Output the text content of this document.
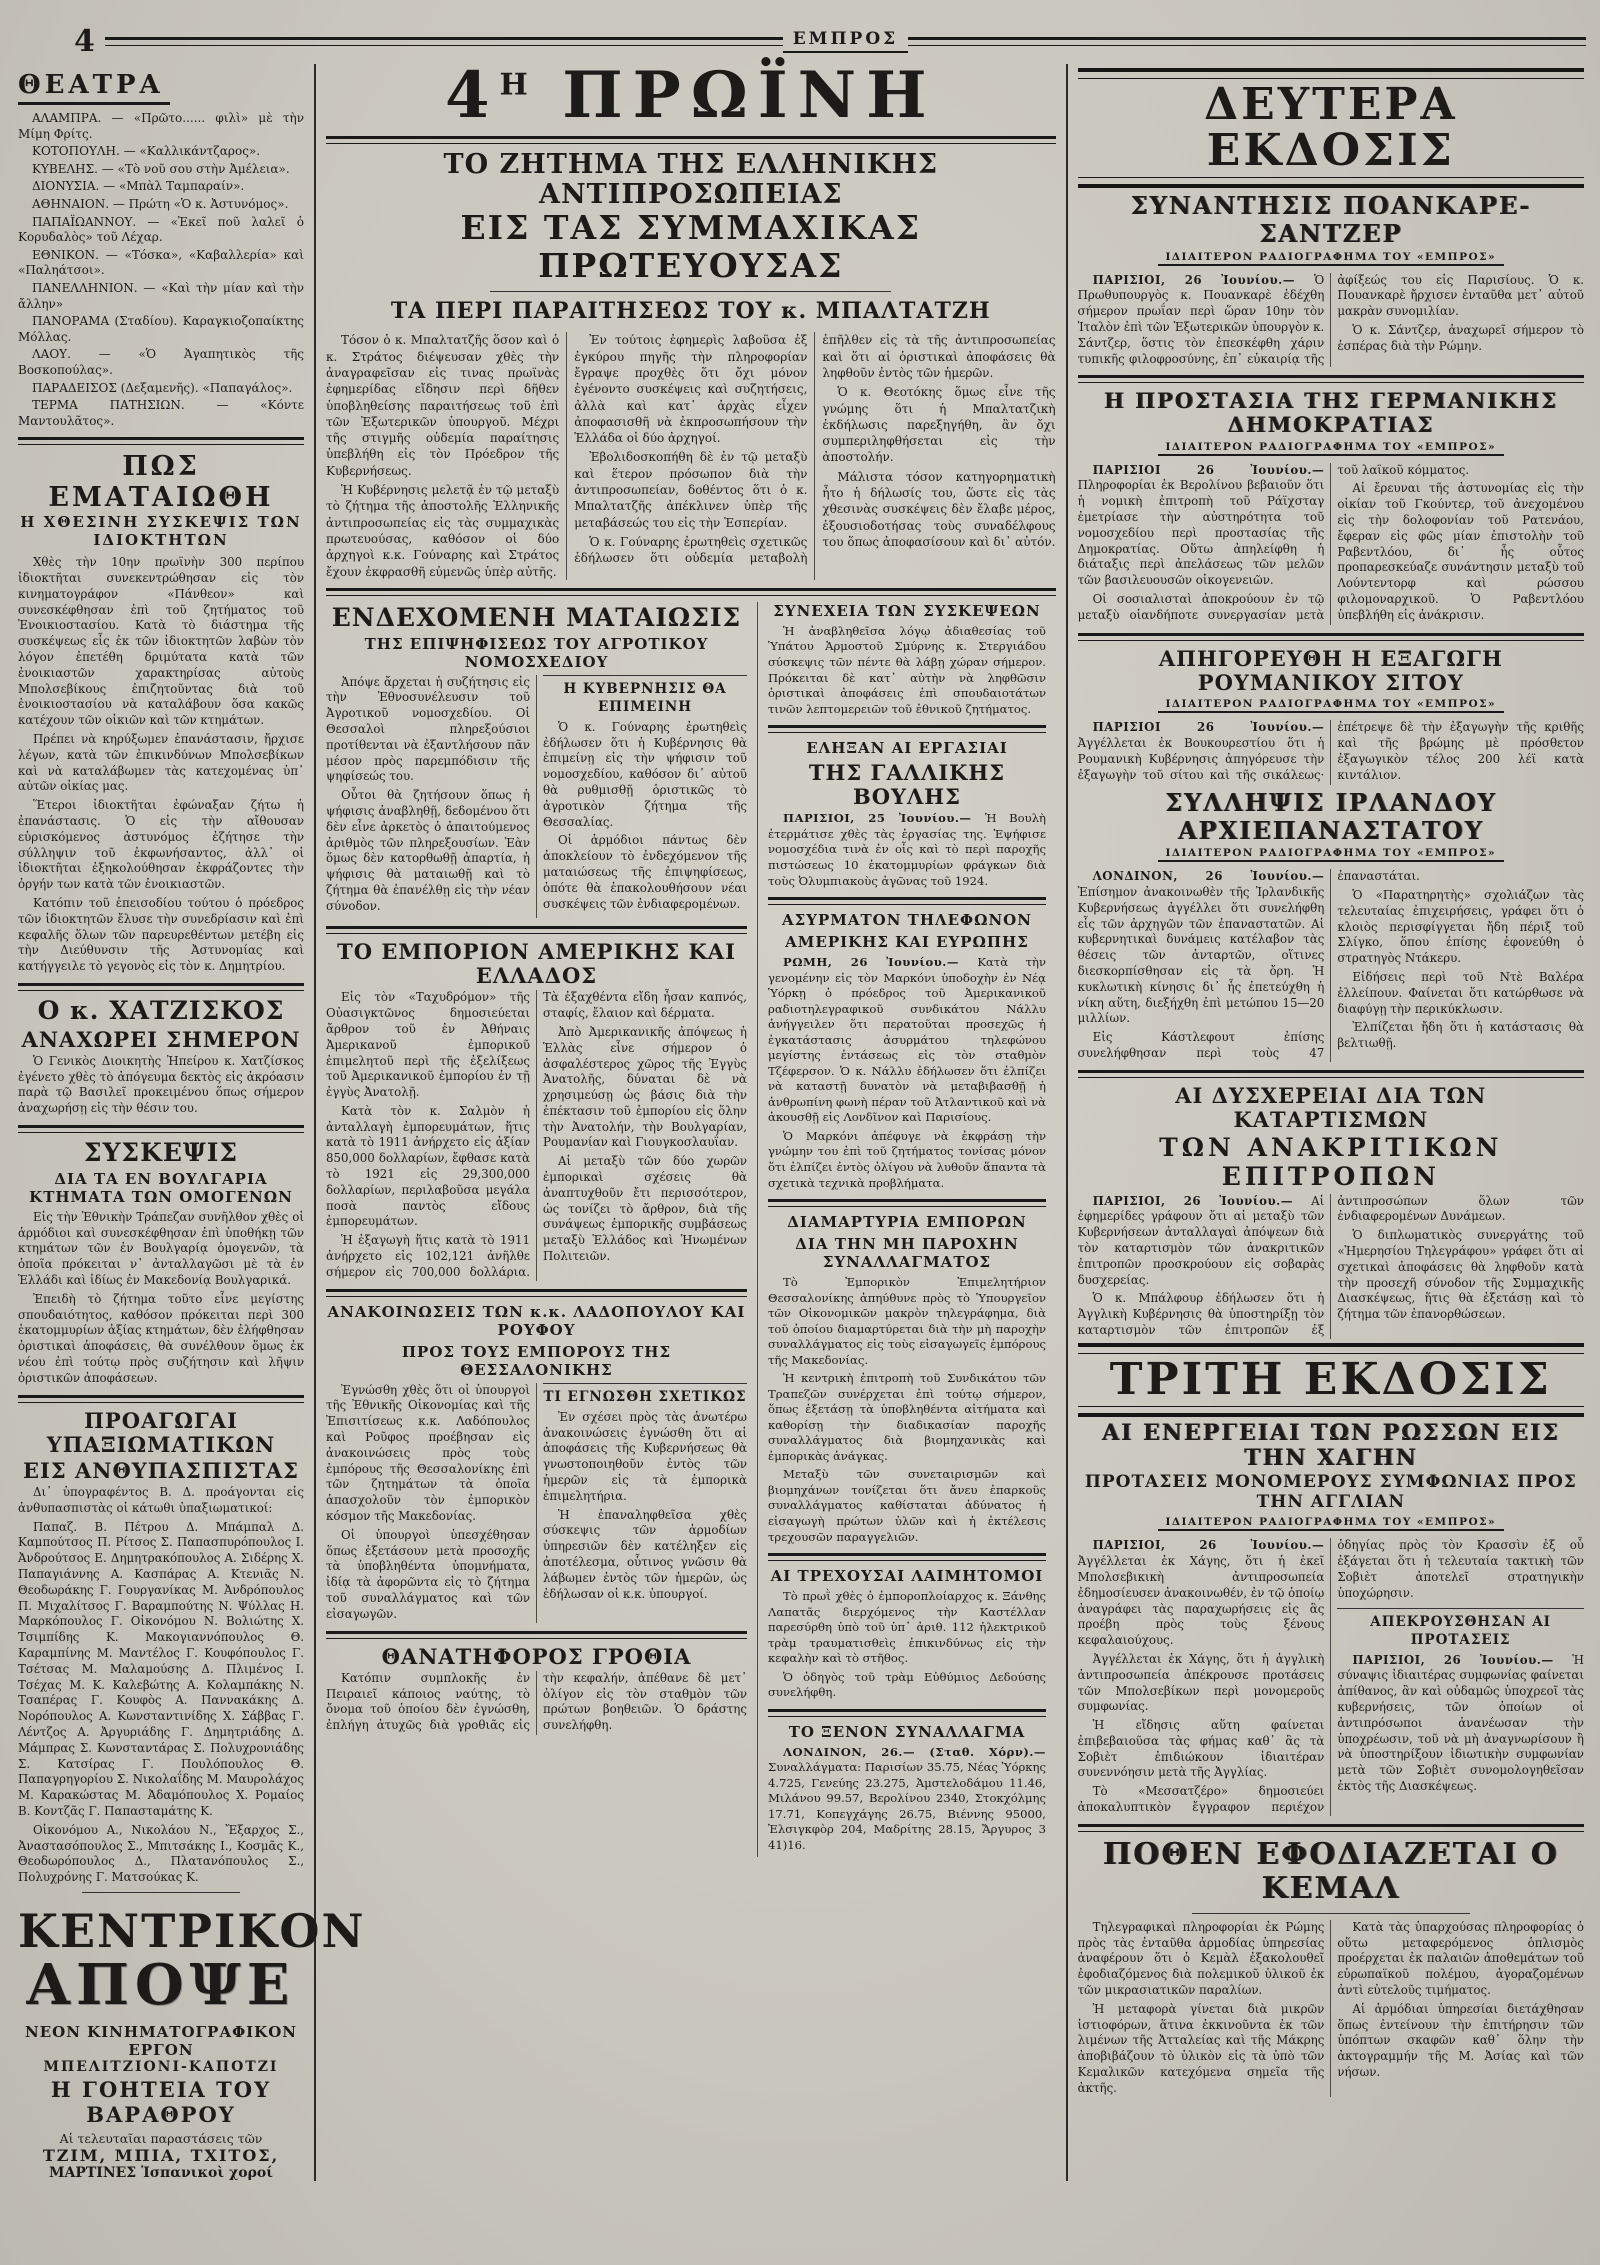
4	ΕΜΠΡΟΣ
ΘΕΑΤΡΑ

ΑΛΑΜΠΡΑ. — «Πρῶτο...... φιλὶ» μὲ τὴν Μίμη Φρίτς.

ΚΟΤΟΠΟΥΛΗ. — «Καλλικάντζαρος».

ΚΥΒΕΛΗΣ. — «Τὸ νοῦ σου στὴν Ἀμέλεια».

ΔΙΟΝΥΣΙΑ. — «Μπὰλ Ταμπαραίν».

ΑΘΗΝΑΙΟΝ. — Πρώτη «Ὁ κ. Ἀστυνόμος».

ΠΑΠΑΪΩΑΝΝΟΥ. — «Ἐκεῖ ποῦ λαλεῖ ὁ Κορυδαλὸς» τοῦ Λέχαρ.

ΕΘΝΙΚΟΝ. — «Τόσκα», «Καβαλλερία» καὶ «Παληάτσοι».

ΠΑΝΕΛΛΗΝΙΟΝ. — «Καὶ τὴν μίαν καὶ τὴν ἄλλην»

ΠΑΝΟΡΑΜΑ (Σταδίου). Καραγκιοζοπαίκτης Μόλλας.

ΛΑΟΥ. — «Ὁ Ἀγαπητικὸς τῆς Βοσκοπούλας».

ΠΑΡΑΔΕΙΣΟΣ (Δεξαμενῆς). «Παπαγάλος».

ΤΕΡΜΑ ΠΑΤΗΣΙΩΝ. — «Κόντε Μαντουλᾶτος».

ΠΩΣ ΕΜΑΤΑΙΩΘΗ
Η ΧΘΕΣΙΝΗ ΣΥΣΚΕΨΙΣ ΤΩΝ ΙΔΙΟΚΤΗΤΩΝ

Χθὲς τὴν 10ην πρωϊνὴν 300 περίπου ἰδιοκτῆται συνεκεντρώθησαν εἰς τὸν κινηματογράφον «Πάνθεον» καὶ συνεσκέφθησαν ἐπὶ τοῦ ζητήματος τοῦ Ἐνοικιοστασίου. Κατὰ τὸ διάστημα τῆς συσκέψεως εἷς ἐκ τῶν ἰδιοκτητῶν λαβὼν τὸν λόγον ἐπετέθη δριμύτατα κατὰ τῶν ἐνοικιαστῶν χαρακτηρίσας αὐτοὺς Μπολσεβίκους ἐπιζητοῦντας διὰ τοῦ ἐνοικιοστασίου νὰ καταλάβουν ὅσα κακῶς κατέχουν τῶν οἰκιῶν καὶ τῶν κτημάτων.

Πρέπει νὰ κηρύξωμεν ἐπανάστασιν, ἤρχισε λέγων, κατὰ τῶν ἐπικινδύνων Μπολσεβίκων καὶ νὰ καταλάβωμεν τὰς κατεχομένας ὑπ᾽ αὐτῶν οἰκίας μας.

Ἕτεροι ἰδιοκτῆται ἐφώναξαν ζήτω ἡ ἐπανάστασις. Ὁ εἰς τὴν αἴθουσαν εὑρισκόμενος ἀστυνόμος ἐζήτησε τὴν σύλληψιν τοῦ ἐκφωνήσαντος, ἀλλ᾽ οἱ ἰδιοκτῆται ἐξηκολούθησαν ἐκφράζοντες τὴν ὀργήν των κατὰ τῶν ἐνοικιαστῶν.

Κατόπιν τοῦ ἐπεισοδίου τούτου ὁ πρόεδρος τῶν ἰδιοκτητῶν ἔλυσε τὴν συνεδρίασιν καὶ ἐπὶ κεφαλῆς ὅλων τῶν παρευρεθέντων μετέβη εἰς τὴν Διεύθυνσιν τῆς Ἀστυνομίας καὶ κατήγγειλε τὸ γεγονὸς εἰς τὸν κ. Δημητρίου.

Ο κ. ΧΑΤΖΙΣΚΟΣ
ΑΝΑΧΩΡΕΙ ΣΗΜΕΡΟΝ

Ὁ Γενικὸς Διοικητὴς Ἠπείρου κ. Χατζίσκος ἐγένετο χθὲς τὸ ἀπόγευμα δεκτὸς εἰς ἀκρόασιν παρὰ τῷ Βασιλεῖ προκειμένου ὅπως σήμερον ἀναχωρήσῃ εἰς τὴν θέσιν του.

ΣΥΣΚΕΨΙΣ
ΔΙΑ ΤΑ ΕΝ ΒΟΥΛΓΑΡΙΑ ΚΤΗΜΑΤΑ ΤΩΝ ΟΜΟΓΕΝΩΝ

Εἰς τὴν Ἐθνικὴν Τράπεζαν συνῆλθον χθὲς οἱ ἁρμόδιοι καὶ συνεσκέφθησαν ἐπὶ ὑποθήκῃ τῶν κτημάτων τῶν ἐν Βουλγαρίᾳ ὁμογενῶν, τὰ ὁποῖα πρόκειται ν᾽ ἀνταλλαγῶσι μὲ τὰ ἐν Ἑλλάδι καὶ ἰδίως ἐν Μακεδονίᾳ Βουλγαρικά.

Ἐπειδὴ τὸ ζήτημα τοῦτο εἶνε μεγίστης σπουδαιότητος, καθόσον πρόκειται περὶ 300 ἑκατομμυρίων ἀξίας κτημάτων, δὲν ἐλήφθησαν ὁριστικαὶ ἀποφάσεις, θὰ συνέλθουν ὅμως ἐκ νέου ἐπὶ τούτῳ πρὸς συζήτησιν καὶ λῆψιν ὁριστικῶν ἀποφάσεων.

ΠΡΟΑΓΩΓΑΙ ΥΠΑΞΙΩΜΑΤΙΚΩΝ
ΕΙΣ ΑΝΘΥΠΑΣΠΙΣΤΑΣ

Δι᾽ ὑπογραφέντος Β. Δ. προάγονται εἰς ἀνθυπασπιστὰς οἱ κάτωθι ὑπαξιωματικοί:

Παπαζ. Β. Πέτρου Δ. Μπάμπαλ Δ. Καμπούτσος Π. Ρίτσος Σ. Παπασπυρόπουλος Ι. Ἀνδρούτσος Ε. Δημητρακόπουλος Α. Σιδέρης Χ. Παπαγιάννης Α. Κασπάρας Α. Κτενιᾶς Ν. Θεοδωράκης Γ. Γουργανίκας Μ. Ἀνδρόπουλος Π. Μιχαλίτσος Γ. Βαραμπούτης Ν. Ψύλλας Η. Μαρκόπουλος Γ. Οἰκονόμου Ν. Βολιώτης Χ. Τσιμπίδης Κ. Μακογιαννόπουλος Θ. Καραμπίνης Μ. Μαντέλος Γ. Κουφόπουλος Γ. Τσέτσας Μ. Μαλαμούσης Δ. Πλιμένος Ι. Τσέχας Μ. Κ. Καλεβώτης Α. Κολαμπάκης Ν. Τσαπέρας Γ. Κουφὸς Α. Παννακάκης Δ. Νορόπουλος Α. Κωνσταντινίδης Χ. Σάββας Γ. Λέντζος Α. Ἀργυριάδης Γ. Δημητριάδης Δ. Μάμπρας Σ. Κωνσταντάρας Σ. Πολυχρονιάδης Σ. Κατσίρας Γ. Πουλόπουλος Θ. Παπαγρηγορίου Σ. Νικολαΐδης Μ. Μαυρολάχος Μ. Καρακώστας Μ. Ἀδαμόπουλος Χ. Ρομαίος Β. Κοντζᾶς Γ. Παπασταμάτης Κ.

Οἰκονόμου Α., Νικολάου Ν., Ἔξαρχος Σ., Ἀναστασόπουλος Σ., Μπιτσάκης Ι., Κοσμᾶς Κ., Θεοδωρόπουλος Δ., Πλατανόπουλος Σ., Πολυχρόνης Γ. Ματσούκας Κ.

ΚΕΝΤΡΙΚΟΝ
ΑΠΟΨΕ
ΝΕΟΝ ΚΙΝΗΜΑΤΟΓΡΑΦΙΚΟΝ ΕΡΓΟΝ
ΜΠΕΛΙΤΖΙΟΝΙ-ΚΑΠΟΤΖΙ
Η ΓΟΗΤΕΙΑ ΤΟΥ ΒΑΡΑΘΡΟΥ
Αἱ τελευταῖαι παραστάσεις τῶν
ΤΖΙΜ, ΜΠΙΑ, ΤΧΙΤΟΣ,
ΜΑΡΤΙΝΕΣ Ἱσπανικοὶ χοροί
$4^H$ ΠΡΩΪΝΗ
ΤΟ ΖΗΤΗΜΑ ΤΗΣ ΕΛΛΗΝΙΚΗΣ ΑΝΤΙΠΡΟΣΩΠΕΙΑΣ
ΕΙΣ ΤΑΣ ΣΥΜΜΑΧΙΚΑΣ ΠΡΩΤΕΥΟΥΣΑΣ
ΤΑ ΠΕΡΙ ΠΑΡΑΙΤΗΣΕΩΣ ΤΟΥ κ. ΜΠΑΛΤΑΤΖΗ

Τόσον ὁ κ. Μπαλτατζῆς ὅσον καὶ ὁ κ. Στράτος διέψευσαν χθὲς τὴν ἀναγραφεῖσαν εἰς τινας πρωϊνὰς ἐφημερίδας εἴδησιν περὶ δῆθεν ὑποβληθείσης παραιτήσεως τοῦ ἐπὶ τῶν Ἐξωτερικῶν ὑπουργοῦ. Μέχρι τῆς στιγμῆς οὐδεμία παραίτησις ὑπεβλήθη εἰς τὸν Πρόεδρον τῆς Κυβερνήσεως.

Ἡ Κυβέρνησις μελετᾷ ἐν τῷ μεταξὺ τὸ ζήτημα τῆς ἀποστολῆς Ἑλληνικῆς ἀντιπροσωπείας εἰς τὰς συμμαχικὰς πρωτευούσας, καθόσον οἱ δύο ἀρχηγοὶ κ.κ. Γούναρης καὶ Στράτος ἔχουν ἐκφρασθῆ εὐμενῶς ὑπὲρ αὐτῆς.

Ἐν τούτοις ἐφημερὶς λαβοῦσα ἐξ ἐγκύρου πηγῆς τὴν πληροφορίαν ἔγραψε προχθὲς ὅτι ὄχι μόνον ἐγένοντο συσκέψεις καὶ συζητήσεις, ἀλλὰ καὶ κατ᾽ ἀρχὰς εἶχεν ἀποφασισθῆ νὰ ἐκπροσωπήσουν τὴν Ἑλλάδα οἱ δύο ἀρχηγοί.

Ἐβολιδοσκοπήθη δὲ ἐν τῷ μεταξὺ καὶ ἕτερον πρόσωπον διὰ τὴν ἀντιπροσωπείαν, δοθέντος ὅτι ὁ κ. Μπαλτατζῆς ἀπέκλινεν ὑπὲρ τῆς μεταβάσεώς του εἰς τὴν Ἑσπερίαν.

Ὁ κ. Γούναρης ἐρωτηθεὶς σχετικῶς ἐδήλωσεν ὅτι οὐδεμία μεταβολὴ ἐπῆλθεν εἰς τὰ τῆς ἀντιπροσωπείας καὶ ὅτι αἱ ὁριστικαὶ ἀποφάσεις θὰ ληφθοῦν ἐντὸς τῶν ἡμερῶν.

Ὁ κ. Θεοτόκης ὅμως εἶνε τῆς γνώμης ὅτι ἡ Μπαλτατζικὴ ἐκδήλωσις παρεξηγήθη, ἂν ὄχι συμπεριληφθήσεται εἰς τὴν ἀποστολήν.

Μάλιστα τόσον κατηγορηματικὴ ἦτο ἡ δήλωσίς του, ὥστε εἰς τὰς χθεσινὰς συσκέψεις δὲν ἔλαβε μέρος, ἐξουσιοδοτήσας τοὺς συναδέλφους του ὅπως ἀποφασίσουν καὶ δι᾽ αὐτόν.

ΕΝΔΕΧΟΜΕΝΗ ΜΑΤΑΙΩΣΙΣ
ΤΗΣ ΕΠΙΨΗΦΙΣΕΩΣ ΤΟΥ ΑΓΡΟΤΙΚΟΥ ΝΟΜΟΣΧΕΔΙΟΥ

Ἀπόψε ἄρχεται ἡ συζήτησις εἰς τὴν Ἐθνοσυνέλευσιν τοῦ Ἀγροτικοῦ νομοσχεδίου. Οἱ Θεσσαλοὶ πληρεξούσιοι προτίθενται νὰ ἐξαντλήσουν πᾶν μέσον πρὸς παρεμπόδισιν τῆς ψηφίσεώς του.

Οὗτοι θὰ ζητήσουν ὅπως ἡ ψήφισις ἀναβληθῇ, δεδομένου ὅτι δὲν εἶνε ἀρκετὸς ὁ ἀπαιτούμενος ἀριθμὸς τῶν πληρεξουσίων. Ἐὰν ὅμως δὲν κατορθωθῇ ἀπαρτία, ἡ ψήφισις θὰ ματαιωθῇ καὶ τὸ ζήτημα θὰ ἐπανέλθῃ εἰς τὴν νέαν σύνοδον.

Η ΚΥΒΕΡΝΗΣΙΣ ΘΑ ΕΠΙΜΕΙΝΗ

Ὁ κ. Γούναρης ἐρωτηθεὶς ἐδήλωσεν ὅτι ἡ Κυβέρνησις θὰ ἐπιμείνῃ εἰς τὴν ψήφισιν τοῦ νομοσχεδίου, καθόσον δι᾽ αὐτοῦ θὰ ρυθμισθῇ ὁριστικῶς τὸ ἀγροτικὸν ζήτημα τῆς Θεσσαλίας.

Οἱ ἁρμόδιοι πάντως δὲν ἀποκλείουν τὸ ἐνδεχόμενον τῆς ματαιώσεως τῆς ἐπιψηφίσεως, ὁπότε θὰ ἐπακολουθήσουν νέαι συσκέψεις τῶν ἐνδιαφερομένων.

ΤΟ ΕΜΠΟΡΙΟΝ ΑΜΕΡΙΚΗΣ ΚΑΙ ΕΛΛΑΔΟΣ

Εἰς τὸν «Ταχυδρόμον» τῆς Οὐασιγκτῶνος δημοσιεύεται ἄρθρον τοῦ ἐν Ἀθήναις Ἀμερικανοῦ ἐμπορικοῦ ἐπιμελητοῦ περὶ τῆς ἐξελίξεως τοῦ Ἀμερικανικοῦ ἐμπορίου ἐν τῇ ἐγγὺς Ἀνατολῇ.

Κατὰ τὸν κ. Σαλμὸν ἡ ἀνταλλαγὴ ἐμπορευμάτων, ἥτις κατὰ τὸ 1911 ἀνήρχετο εἰς ἀξίαν 850,000 δολλαρίων, ἔφθασε κατὰ τὸ 1921 εἰς 29,300,000 δολλαρίων, περιλαβοῦσα μεγάλα ποσὰ παντὸς εἴδους ἐμπορευμάτων.

Ἡ ἐξαγωγὴ ἥτις κατὰ τὸ 1911 ἀνήρχετο εἰς 102,121 ἀνῆλθε σήμερον εἰς 700,000 δολλάρια. Τὰ ἐξαχθέντα εἴδη ἦσαν καπνός, σταφίς, ἔλαιον καὶ δέρματα.

Ἀπὸ Ἀμερικανικῆς ἀπόψεως ἡ Ἑλλὰς εἶνε σήμερον ὁ ἀσφαλέστερος χῶρος τῆς Ἐγγὺς Ἀνατολῆς, δύναται δὲ νὰ χρησιμεύσῃ ὡς βάσις διὰ τὴν ἐπέκτασιν τοῦ ἐμπορίου εἰς ὅλην τὴν Ἀνατολήν, τὴν Βουλγαρίαν, Ρουμανίαν καὶ Γιουγκοσλαυΐαν.

Αἱ μεταξὺ τῶν δύο χωρῶν ἐμπορικαὶ σχέσεις θὰ ἀναπτυχθοῦν ἔτι περισσότερον, ὡς τονίζει τὸ ἄρθρον, διὰ τῆς συνάψεως ἐμπορικῆς συμβάσεως μεταξὺ Ἑλλάδος καὶ Ἡνωμένων Πολιτειῶν.

ΑΝΑΚΟΙΝΩΣΕΙΣ ΤΩΝ κ.κ. ΛΑΔΟΠΟΥΛΟΥ ΚΑΙ ΡΟΥΦΟΥ
ΠΡΟΣ ΤΟΥΣ ΕΜΠΟΡΟΥΣ ΤΗΣ ΘΕΣΣΑΛΟΝΙΚΗΣ

Ἐγνώσθη χθὲς ὅτι οἱ ὑπουργοὶ τῆς Ἐθνικῆς Οἰκονομίας καὶ τῆς Ἐπισιτίσεως κ.κ. Λαδόπουλος καὶ Ροῦφος προέβησαν εἰς ἀνακοινώσεις πρὸς τοὺς ἐμπόρους τῆς Θεσσαλονίκης ἐπὶ τῶν ζητημάτων τὰ ὁποῖα ἀπασχολοῦν τὸν ἐμπορικὸν κόσμον τῆς Μακεδονίας.

Οἱ ὑπουργοὶ ὑπεσχέθησαν ὅπως ἐξετάσουν μετὰ προσοχῆς τὰ ὑποβληθέντα ὑπομνήματα, ἰδίᾳ τὰ ἀφορῶντα εἰς τὸ ζήτημα τοῦ συναλλάγματος καὶ τῶν εἰσαγωγῶν.

ΤΙ ΕΓΝΩΣΘΗ ΣΧΕΤΙΚΩΣ

Ἐν σχέσει πρὸς τὰς ἀνωτέρω ἀνακοινώσεις ἐγνώσθη ὅτι αἱ ἀποφάσεις τῆς Κυβερνήσεως θὰ γνωστοποιηθοῦν ἐντὸς τῶν ἡμερῶν εἰς τὰ ἐμπορικὰ ἐπιμελητήρια.

Ἡ ἐπαναληφθεῖσα χθὲς σύσκεψις τῶν ἁρμοδίων ὑπηρεσιῶν δὲν κατέληξεν εἰς ἀποτέλεσμα, οὗτινος γνῶσιν θὰ λάβωμεν ἐντὸς τῶν ἡμερῶν, ὡς ἐδήλωσαν οἱ κ.κ. ὑπουργοί.

ΘΑΝΑΤΗΦΟΡΟΣ ΓΡΟΘΙΑ

Κατόπιν συμπλοκῆς ἐν Πειραιεῖ κάποιος ναύτης, τὸ ὄνομα τοῦ ὁποίου δὲν ἐγνώσθη, ἐπλήγη ἀτυχῶς διὰ γροθιᾶς εἰς τὴν κεφαλήν, ἀπέθανε δὲ μετ᾽ ὀλίγον εἰς τὸν σταθμὸν τῶν πρώτων βοηθειῶν. Ὁ δράστης συνελήφθη.

ΣΥΝΕΧΕΙΑ ΤΩΝ ΣΥΣΚΕΨΕΩΝ

Ἡ ἀναβληθεῖσα λόγῳ ἀδιαθεσίας τοῦ Ὑπάτου Ἁρμοστοῦ Σμύρνης κ. Στεργιάδου σύσκεψις τῶν πέντε θὰ λάβῃ χώραν σήμερον. Πρόκειται δὲ κατ᾽ αὐτὴν νὰ ληφθῶσιν ὁριστικαὶ ἀποφάσεις ἐπὶ σπουδαιοτάτων τινῶν λεπτομερειῶν τοῦ ἐθνικοῦ ζητήματος.

ΕΛΗΞΑΝ ΑΙ ΕΡΓΑΣΙΑΙ
ΤΗΣ ΓΑΛΛΙΚΗΣ ΒΟΥΛΗΣ

ΠΑΡΙΣΙΟΙ, 25 Ἰουνίου.— Ἡ Βουλὴ ἐτερμάτισε χθὲς τὰς ἐργασίας της. Ἐψήφισε νομοσχέδια τινὰ ἐν οἷς καὶ τὸ περὶ παροχῆς πιστώσεως 10 ἑκατομμυρίων φράγκων διὰ τοὺς Ὀλυμπιακοὺς ἀγῶνας τοῦ 1924.

ΑΣΥΡΜΑΤΟΝ ΤΗΛΕΦΩΝΟΝ
ΑΜΕΡΙΚΗΣ ΚΑΙ ΕΥΡΩΠΗΣ

ΡΩΜΗ, 26 Ἰουνίου.— Κατὰ τὴν γενομένην εἰς τὸν Μαρκόνι ὑποδοχὴν ἐν Νέᾳ Ὑόρκῃ ὁ πρόεδρος τοῦ Ἀμερικανικοῦ ραδιοτηλεγραφικοῦ συνδικάτου Νάλλυ ἀνήγγειλεν ὅτι περατοῦται προσεχῶς ἡ ἐγκατάστασις ἀσυρμάτου τηλεφώνου μεγίστης ἐντάσεως εἰς τὸν σταθμὸν Τζέφερσον. Ὁ κ. Νάλλυ ἐδήλωσεν ὅτι ἐλπίζει νὰ καταστῇ δυνατὸν νὰ μεταβιβασθῇ ἡ ἀνθρωπίνη φωνὴ πέραν τοῦ Ἀτλαντικοῦ καὶ νὰ ἀκουσθῇ εἰς Λονδῖνον καὶ Παρισίους.

Ὁ Μαρκόνι ἀπέφυγε νὰ ἐκφράσῃ τὴν γνώμην του ἐπὶ τοῦ ζητήματος τονίσας μόνον ὅτι ἐλπίζει ἐντὸς ὀλίγου νὰ λυθοῦν ἅπαντα τὰ σχετικὰ τεχνικὰ προβλήματα.

ΔΙΑΜΑΡΤΥΡΙΑ ΕΜΠΟΡΩΝ
ΔΙΑ ΤΗΝ ΜΗ ΠΑΡΟΧΗΝ ΣΥΝΑΛΛΑΓΜΑΤΟΣ

Τὸ Ἐμπορικὸν Ἐπιμελητήριον Θεσσαλονίκης ἀπηύθυνε πρὸς τὸ Ὑπουργεῖον τῶν Οἰκονομικῶν μακρὸν τηλεγράφημα, διὰ τοῦ ὁποίου διαμαρτύρεται διὰ τὴν μὴ παροχὴν συναλλάγματος εἰς τοὺς εἰσαγωγεῖς ἐμπόρους τῆς Μακεδονίας.

Ἡ κεντρικὴ ἐπιτροπὴ τοῦ Συνδικάτου τῶν Τραπεζῶν συνέρχεται ἐπὶ τούτῳ σήμερον, ὅπως ἐξετάσῃ τὰ ὑποβληθέντα αἰτήματα καὶ καθορίσῃ τὴν διαδικασίαν παροχῆς συναλλάγματος διὰ βιομηχανικὰς καὶ ἐμπορικὰς ἀνάγκας.

Μεταξὺ τῶν συνεταιρισμῶν καὶ βιομηχάνων τονίζεται ὅτι ἄνευ ἐπαρκοῦς συναλλάγματος καθίσταται ἀδύνατος ἡ εἰσαγωγὴ πρώτων ὑλῶν καὶ ἡ ἐκτέλεσις τρεχουσῶν παραγγελιῶν.

ΑΙ ΤΡΕΧΟΥΣΑΙ ΛΑΙΜΗΤΟΜΟΙ

Τὸ πρωῒ χθὲς ὁ ἐμποροπλοίαρχος κ. Ξάνθης Λαπατᾶς διερχόμενος τὴν Καστέλλαν παρεσύρθη ὑπὸ τοῦ ὑπ᾽ ἀριθ. 112 ἠλεκτρικοῦ τρὰμ τραυματισθεὶς ἐπικινδύνως εἰς τὴν κεφαλὴν καὶ τὸ στῆθος.

Ὁ ὁδηγὸς τοῦ τρὰμ Εὐθύμιος Δεδούσης συνελήφθη.

ΤΟ ΞΕΝΟΝ ΣΥΝΑΛΛΑΓΜΑ

ΛΟΝΔΙΝΟΝ, 26.— (Σταθ. Χόρν).— Συναλλάγματα: Παρισίων 35.75, Νέας Ὑόρκης 4.725, Γενεύης 23.275, Ἀμστελοδάμου 11.46, Μιλάνου 99.57, Βερολίνου 2340, Στοκχόλμης 17.71, Κοπεγχάγης 26.75, Βιέννης 95000, Ἐλσιγκφὸρ 204, Μαδρίτης 28.15, Ἄργυρος 3 41)16.

ΔΕΥΤΕΡΑ ΕΚΔΟΣΙΣ
ΣΥΝΑΝΤΗΣΙΣ ΠΟΑΝΚΑΡΕ-ΣΑΝΤΖΕΡ
ΙΔΙΑΙΤΕΡΟΝ ΡΑΔΙΟΓΡΑΦΗΜΑ ΤΟΥ «ΕΜΠΡΟΣ»

ΠΑΡΙΣΙΟΙ, 26 Ἰουνίου.— Ὁ Πρωθυπουργὸς κ. Πουανκαρὲ ἐδέχθη σήμερον πρωΐαν περὶ ὥραν 10ην τὸν Ἰταλὸν ἐπὶ τῶν Ἐξωτερικῶν ὑπουργὸν κ. Σάντζερ, ὅστις τὸν ἐπεσκέφθη χάριν τυπικῆς φιλοφροσύνης, ἐπ᾽ εὐκαιρίᾳ τῆς ἀφίξεώς του εἰς Παρισίους. Ὁ κ. Πουανκαρὲ ἤρχισεν ἐνταῦθα μετ᾽ αὐτοῦ μακρὰν συνομιλίαν.

Ὁ κ. Σάντζερ, ἀναχωρεῖ σήμερον τὸ ἑσπέρας διὰ τὴν Ρώμην.

Η ΠΡΟΣΤΑΣΙΑ ΤΗΣ ΓΕΡΜΑΝΙΚΗΣ ΔΗΜΟΚΡΑΤΙΑΣ
ΙΔΙΑΙΤΕΡΟΝ ΡΑΔΙΟΓΡΑΦΗΜΑ ΤΟΥ «ΕΜΠΡΟΣ»

ΠΑΡΙΣΙΟΙ 26 Ἰουνίου.— Πληροφορίαι ἐκ Βερολίνου βεβαιοῦν ὅτι ἡ νομικὴ ἐπιτροπὴ τοῦ Ράϊχσταγ ἐμετρίασε τὴν αὐστηρότητα τοῦ νομοσχεδίου περὶ προστασίας τῆς Δημοκρατίας. Οὕτω ἀπηλείφθη ἡ διάταξις περὶ ἀπελάσεως τῶν μελῶν τῶν βασιλευουσῶν οἰκογενειῶν.

Οἱ σοσιαλισταὶ ἀποκρούουν ἐν τῷ μεταξὺ οἱανδήποτε συνεργασίαν μετὰ τοῦ λαϊκοῦ κόμματος.

Αἱ ἔρευναι τῆς ἀστυνομίας εἰς τὴν οἰκίαν τοῦ Γκούντερ, τοῦ ἀνεχομένου εἰς τὴν δολοφονίαν τοῦ Ρατενάου, ἔφεραν εἰς φῶς μίαν ἐπιστολὴν τοῦ Ραβεντλόου, δι᾽ ἧς οὗτος προπαρεσκεύαζε συνάντησιν μεταξὺ τοῦ Λούντεντορφ καὶ ρώσσου φιλομοναρχικοῦ. Ὁ Ραβεντλόου ὑπεβλήθη εἰς ἀνάκρισιν.

ΑΠΗΓΟΡΕΥΘΗ Η ΕΞΑΓΩΓΗ ΡΟΥΜΑΝΙΚΟΥ ΣΙΤΟΥ
ΙΔΙΑΙΤΕΡΟΝ ΡΑΔΙΟΓΡΑΦΗΜΑ ΤΟΥ «ΕΜΠΡΟΣ»

ΠΑΡΙΣΙΟΙ 26 Ἰουνίου.— Ἀγγέλλεται ἐκ Βουκουρεστίου ὅτι ἡ Ρουμανικὴ Κυβέρνησις ἀπηγόρευσε τὴν ἐξαγωγὴν τοῦ σίτου καὶ τῆς σικάλεως· ἐπέτρεψε δὲ τὴν ἐξαγωγὴν τῆς κριθῆς καὶ τῆς βρώμης μὲ πρόσθετον ἐξαγωγικὸν τέλος 200 λέϊ κατὰ κιντάλιον.

ΣΥΛΛΗΨΙΣ ΙΡΛΑΝΔΟΥ ΑΡΧΙΕΠΑΝΑΣΤΑΤΟΥ
ΙΔΙΑΙΤΕΡΟΝ ΡΑΔΙΟΓΡΑΦΗΜΑ ΤΟΥ «ΕΜΠΡΟΣ»

ΛΟΝΔΙΝΟΝ, 26 Ἰουνίου.— Ἐπίσημον ἀνακοινωθὲν τῆς Ἰρλανδικῆς Κυβερνήσεως ἀγγέλλει ὅτι συνελήφθη εἷς τῶν ἀρχηγῶν τῶν ἐπαναστατῶν. Αἱ κυβερνητικαὶ δυνάμεις κατέλαβον τὰς θέσεις τῶν ἀνταρτῶν, οἵτινες διεσκορπίσθησαν εἰς τὰ ὄρη. Ἡ κυκλωτικὴ κίνησις δι᾽ ἧς ἐπετεύχθη ἡ νίκη αὕτη, διεξήχθη ἐπὶ μετώπου 15—20 μιλλίων.

Εἰς Κάστλεφουτ ἐπίσης συνελήφθησαν περὶ τοὺς 47 ἐπαναστάται.

Ὁ «Παρατηρητὴς» σχολιάζων τὰς τελευταίας ἐπιχειρήσεις, γράφει ὅτι ὁ κλοιὸς περισφίγγεται ἤδη πέριξ τοῦ Σλίγκο, ὅπου ἐπίσης ἐφονεύθη ὁ στρατηγὸς Ντάκερυ.

Εἰδήσεις περὶ τοῦ Ντὲ Βαλέρα ἐλλείπουν. Φαίνεται ὅτι κατώρθωσε νὰ διαφύγῃ τὴν περικύκλωσιν.

Ἐλπίζεται ἤδη ὅτι ἡ κατάστασις θὰ βελτιωθῇ.

ΑΙ ΔΥΣΧΕΡΕΙΑΙ ΔΙΑ ΤΩΝ ΚΑΤΑΡΤΙΣΜΩΝ
ΤΩΝ ΑΝΑΚΡΙΤΙΚΩΝ ΕΠΙΤΡΟΠΩΝ

ΠΑΡΙΣΙΟΙ, 26 Ἰουνίου.— Αἱ ἐφημερίδες γράφουν ὅτι αἱ μεταξὺ τῶν Κυβερνήσεων ἀνταλλαγαὶ ἀπόψεων διὰ τὸν καταρτισμὸν τῶν ἀνακριτικῶν ἐπιτροπῶν προσκρούουν εἰς σοβαρὰς δυσχερείας.

Ὁ κ. Μπάλφουρ ἐδήλωσεν ὅτι ἡ Ἀγγλικὴ Κυβέρνησις θὰ ὑποστηρίξῃ τὸν καταρτισμὸν τῶν ἐπιτροπῶν ἐξ ἀντιπροσώπων ὅλων τῶν ἐνδιαφερομένων Δυνάμεων.

Ὁ διπλωματικὸς συνεργάτης τοῦ «Ἡμερησίου Τηλεγράφου» γράφει ὅτι αἱ σχετικαὶ ἀποφάσεις θὰ ληφθοῦν κατὰ τὴν προσεχῆ σύνοδον τῆς Συμμαχικῆς Διασκέψεως, ἥτις θὰ ἐξετάσῃ καὶ τὸ ζήτημα τῶν ἐπανορθώσεων.

ΤΡΙΤΗ ΕΚΔΟΣΙΣ
ΑΙ ΕΝΕΡΓΕΙΑΙ ΤΩΝ ΡΩΣΣΩΝ ΕΙΣ ΤΗΝ ΧΑΓΗΝ
ΠΡΟΤΑΣΕΙΣ ΜΟΝΟΜΕΡΟΥΣ ΣΥΜΦΩΝΙΑΣ ΠΡΟΣ ΤΗΝ ΑΓΓΛΙΑΝ
ΙΔΙΑΙΤΕΡΟΝ ΡΑΔΙΟΓΡΑΦΗΜΑ ΤΟΥ «ΕΜΠΡΟΣ»

ΠΑΡΙΣΙΟΙ, 26 Ἰουνίου.— Ἀγγέλλεται ἐκ Χάγης, ὅτι ἡ ἐκεῖ Μπολσεβικικὴ ἀντιπροσωπεία ἐδημοσίευσεν ἀνακοινωθέν, ἐν τῷ ὁποίῳ ἀναγράφει τὰς παραχωρήσεις εἰς ἃς προέβη πρὸς τοὺς ξένους κεφαλαιούχους.

Ἀγγέλλεται ἐκ Χάγης, ὅτι ἡ ἀγγλικὴ ἀντιπροσωπεία ἀπέκρουσε προτάσεις τῶν Μπολσεβίκων περὶ μονομεροῦς συμφωνίας.

Ἡ εἴδησις αὕτη φαίνεται ἐπιβεβαιοῦσα τὰς φήμας καθ᾽ ἃς τὰ Σοβιὲτ ἐπιδιώκουν ἰδιαιτέραν συνεννόησιν μετὰ τῆς Ἀγγλίας.

Τὸ «Μεσσατζέρο» δημοσιεύει ἀποκαλυπτικὸν ἔγγραφον περιέχον ὁδηγίας πρὸς τὸν Κρασσὶν ἐξ οὗ ἐξάγεται ὅτι ἡ τελευταία τακτικὴ τῶν Σοβιὲτ ἀποτελεῖ στρατηγικὴν ὑποχώρησιν.

ΑΠΕΚΡΟΥΣΘΗΣΑΝ ΑΙ ΠΡΟΤΑΣΕΙΣ

ΠΑΡΙΣΙΟΙ, 26 Ἰουνίου.— Ἡ σύναψις ἰδιαιτέρας συμφωνίας φαίνεται ἀπίθανος, ἂν καὶ οὐδαμῶς ὑποχρεοῖ τὰς κυβερνήσεις, τῶν ὁποίων οἱ ἀντιπρόσωποι ἀνανέωσαν τὴν ὑποχρέωσιν, τοῦ νὰ μὴ ἀναγνωρίσουν ἢ νὰ ὑποστηρίξουν ἰδιωτικὴν συμφωνίαν μετὰ τῶν Σοβιὲτ συνομολογηθεῖσαν ἐκτὸς τῆς Διασκέψεως.

ΠΟΘΕΝ ΕΦΟΔΙΑΖΕΤΑΙ Ο ΚΕΜΑΛ

Τηλεγραφικαὶ πληροφορίαι ἐκ Ρώμης πρὸς τὰς ἐνταῦθα ἁρμοδίας ὑπηρεσίας ἀναφέρουν ὅτι ὁ Κεμὰλ ἐξακολουθεῖ ἐφοδιαζόμενος διὰ πολεμικοῦ ὑλικοῦ ἐκ τῶν μικρασιατικῶν παραλίων.

Ἡ μεταφορὰ γίνεται διὰ μικρῶν ἱστιοφόρων, ἅτινα ἐκκινοῦντα ἐκ τῶν λιμένων τῆς Ἀτταλείας καὶ τῆς Μάκρης ἀποβιβάζουν τὸ ὑλικὸν εἰς τὰ ὑπὸ τῶν Κεμαλικῶν κατεχόμενα σημεῖα τῆς ἀκτῆς.

Κατὰ τὰς ὑπαρχούσας πληροφορίας ὁ οὕτω μεταφερόμενος ὁπλισμὸς προέρχεται ἐκ παλαιῶν ἀποθεμάτων τοῦ εὐρωπαϊκοῦ πολέμου, ἀγοραζομένων ἀντὶ εὐτελοῦς τιμήματος.

Αἱ ἁρμόδιαι ὑπηρεσίαι διετάχθησαν ὅπως ἐντείνουν τὴν ἐπιτήρησιν τῶν ὑπόπτων σκαφῶν καθ᾽ ὅλην τὴν ἀκτογραμμήν τῆς Μ. Ἀσίας καὶ τῶν νήσων.
